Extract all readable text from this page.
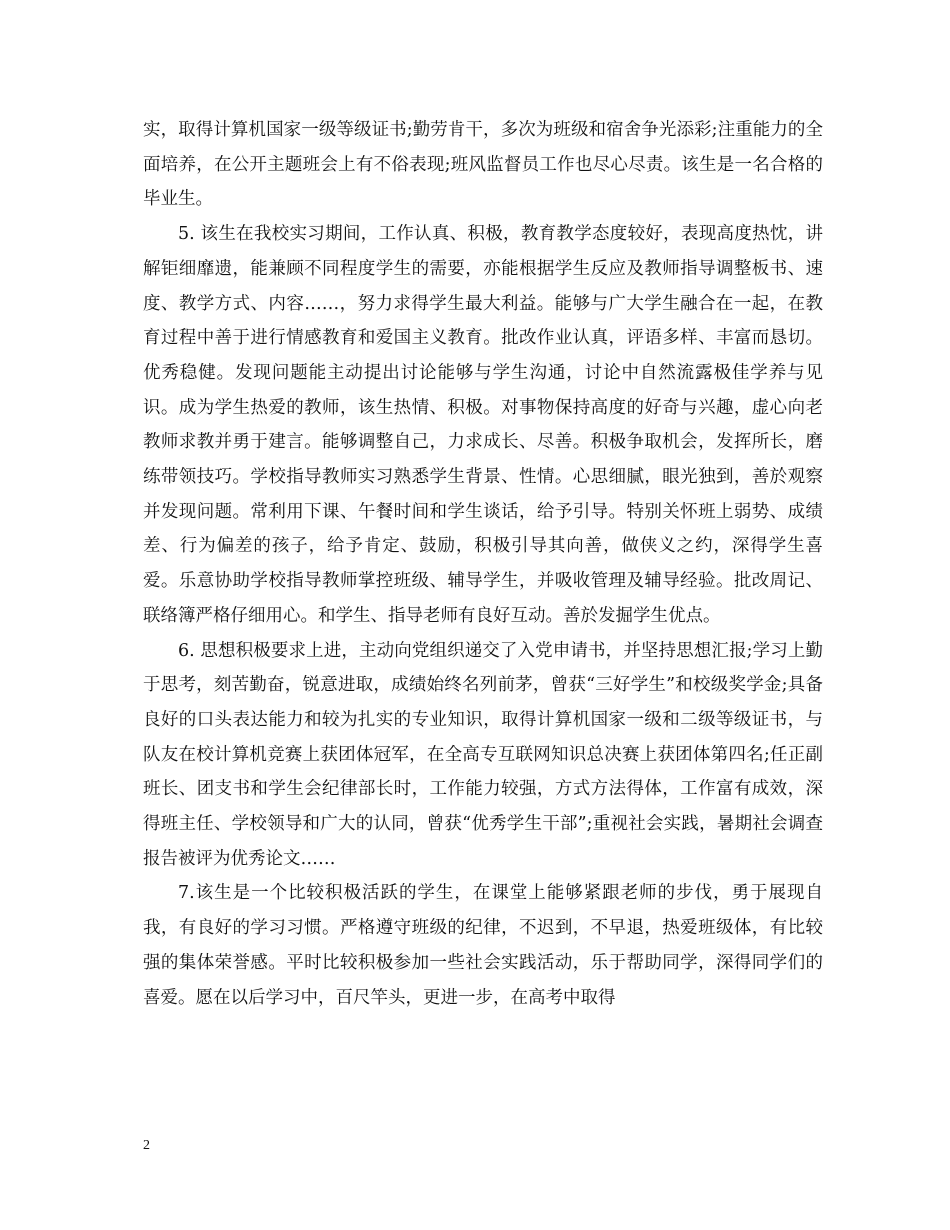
实，取得计算机国家一级等级证书;勤劳肯干，多次为班级和宿舍争光添彩;注重能力的全面培养，在公开主题班会上有不俗表现;班风监督员工作也尽心尽责。该生是一名合格的毕业生。

5. 该生在我校实习期间，工作认真、积极，教育教学态度较好，表现高度热忱，讲解钜细靡遗，能兼顾不同程度学生的需要，亦能根据学生反应及教师指导调整板书、速度、教学方式、内容……，努力求得学生最大利益。能够与广大学生融合在一起，在教育过程中善于进行情感教育和爱国主义教育。批改作业认真，评语多样、丰富而恳切。优秀稳健。发现问题能主动提出讨论能够与学生沟通，讨论中自然流露极佳学养与见识。成为学生热爱的教师，该生热情、积极。对事物保持高度的好奇与兴趣，虚心向老教师求教并勇于建言。能够调整自己，力求成长、尽善。积极争取机会，发挥所长，磨练带领技巧。学校指导教师实习熟悉学生背景、性情。心思细腻，眼光独到，善於观察并发现问题。常利用下课、午餐时间和学生谈话，给予引导。特别关怀班上弱势、成绩差、行为偏差的孩子，给予肯定、鼓励，积极引导其向善，做侠义之约，深得学生喜爱。乐意协助学校指导教师掌控班级、辅导学生，并吸收管理及辅导经验。批改周记、联络簿严格仔细用心。和学生、指导老师有良好互动。善於发掘学生优点。

6. 思想积极要求上进，主动向党组织递交了入党申请书，并坚持思想汇报;学习上勤于思考，刻苦勤奋，锐意进取，成绩始终名列前茅，曾获“三好学生”和校级奖学金;具备良好的口头表达能力和较为扎实的专业知识，取得计算机国家一级和二级等级证书，与队友在校计算机竞赛上获团体冠军，在全高专互联网知识总决赛上获团体第四名;任正副班长、团支书和学生会纪律部长时，工作能力较强，方式方法得体，工作富有成效，深得班主任、学校领导和广大的认同，曾获“优秀学生干部”;重视社会实践，暑期社会调查报告被评为优秀论文……

7.该生是一个比较积极活跃的学生，在课堂上能够紧跟老师的步伐，勇于展现自我，有良好的学习习惯。严格遵守班级的纪律，不迟到，不早退，热爱班级体，有比较强的集体荣誉感。平时比较积极参加一些社会实践活动，乐于帮助同学，深得同学们的喜爱。愿在以后学习中，百尺竿头，更进一步，在高考中取得

2
